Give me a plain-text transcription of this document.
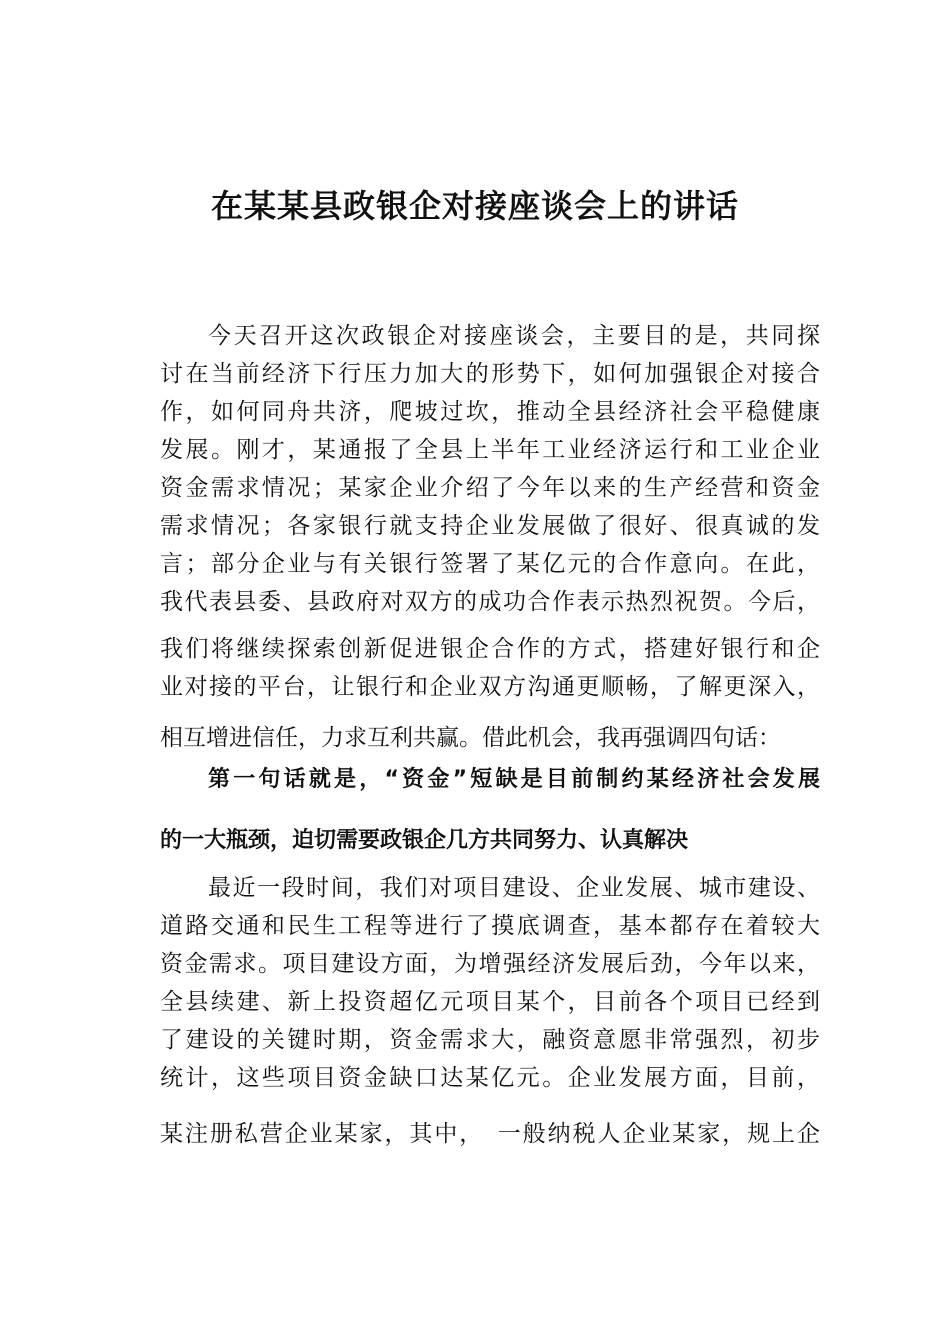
在某某县政银企对接座谈会上的讲话
今天召开这次政银企对接座谈会，主要目的是，共同探
讨在当前经济下行压力加大的形势下，如何加强银企对接合
作，如何同舟共济，爬坡过坎，推动全县经济社会平稳健康
发展。刚才，某通报了全县上半年工业经济运行和工业企业
资金需求情况；某家企业介绍了今年以来的生产经营和资金
需求情况；各家银行就支持企业发展做了很好、很真诚的发
言；部分企业与有关银行签署了某亿元的合作意向。在此，
我代表县委、县政府对双方的成功合作表示热烈祝贺。今后，
我们将继续探索创新促进银企合作的方式，搭建好银行和企
业对接的平台，让银行和企业双方沟通更顺畅，了解更深入，
相互增进信任，力求互利共赢。借此机会，我再强调四句话：
第一句话就是，“资金”短缺是目前制约某经济社会发展
的一大瓶颈，迫切需要政银企几方共同努力、认真解决
最近一段时间，我们对项目建设、企业发展、城市建设、
道路交通和民生工程等进行了摸底调查，基本都存在着较大
资金需求。项目建设方面，为增强经济发展后劲，今年以来，
全县续建、新上投资超亿元项目某个，目前各个项目已经到
了建设的关键时期，资金需求大，融资意愿非常强烈，初步
统计，这些项目资金缺口达某亿元。企业发展方面，目前，
某注册私营企业某家，其中，　一般纳税人企业某家，规上企
